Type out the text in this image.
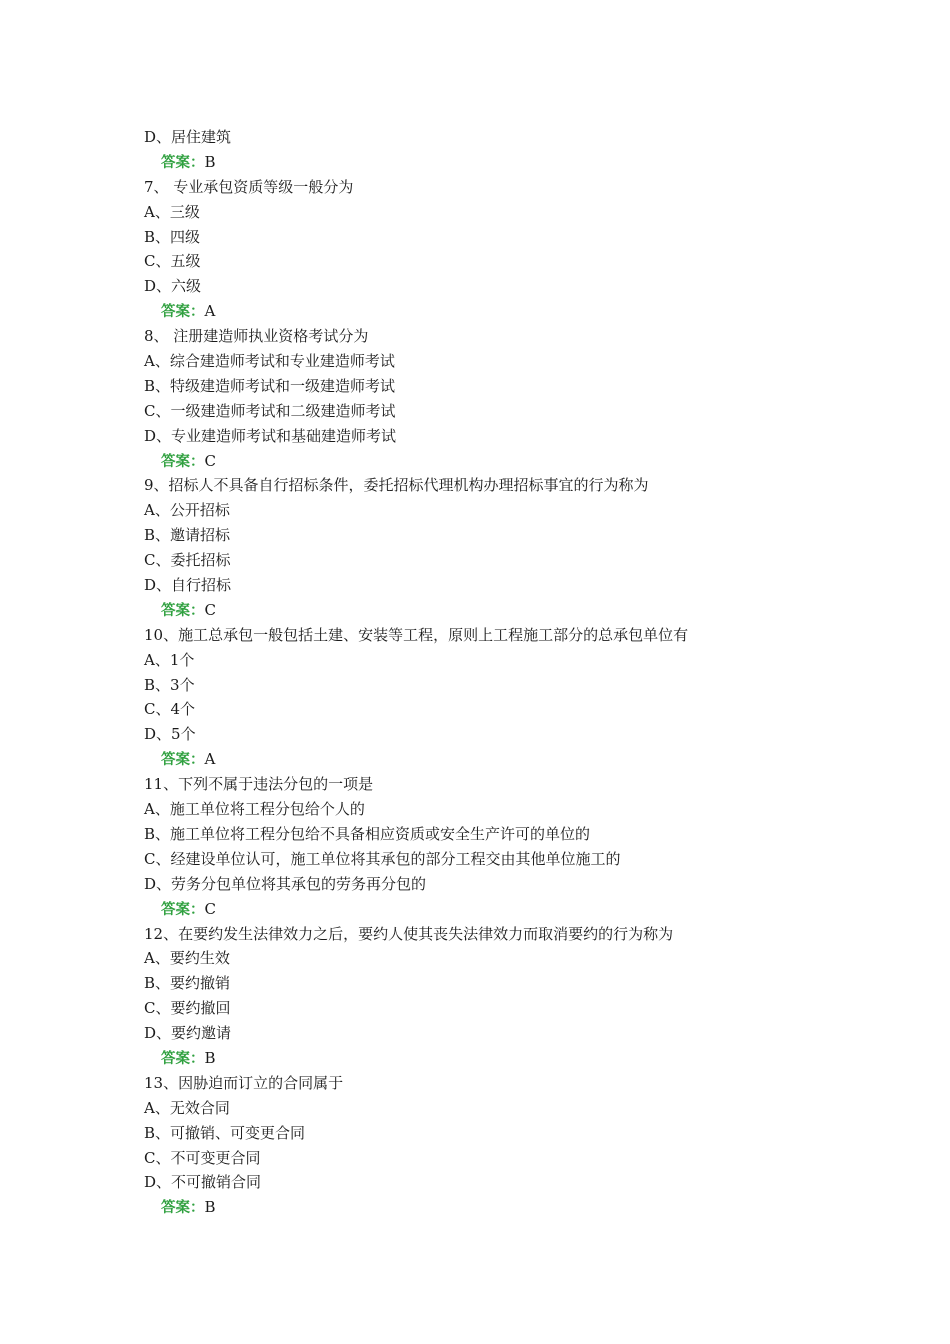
D、居住建筑
答案：B
7、 专业承包资质等级一般分为
A、三级
B、四级
C、五级
D、六级
答案：A
8、 注册建造师执业资格考试分为
A、综合建造师考试和专业建造师考试
B、特级建造师考试和一级建造师考试
C、一级建造师考试和二级建造师考试
D、专业建造师考试和基础建造师考试
答案：C
9、招标人不具备自行招标条件，委托招标代理机构办理招标事宜的行为称为
A、公开招标
B、邀请招标
C、委托招标
D、自行招标
答案：C
10、施工总承包一般包括土建、安装等工程，原则上工程施工部分的总承包单位有
A、1个
B、3个
C、4个
D、5个
答案：A
11、下列不属于违法分包的一项是
A、施工单位将工程分包给个人的
B、施工单位将工程分包给不具备相应资质或安全生产许可的单位的
C、经建设单位认可，施工单位将其承包的部分工程交由其他单位施工的
D、劳务分包单位将其承包的劳务再分包的
答案：C
12、在要约发生法律效力之后，要约人使其丧失法律效力而取消要约的行为称为
A、要约生效
B、要约撤销
C、要约撤回
D、要约邀请
答案：B
13、因胁迫而订立的合同属于
A、无效合同
B、可撤销、可变更合同
C、不可变更合同
D、不可撤销合同
答案：B
